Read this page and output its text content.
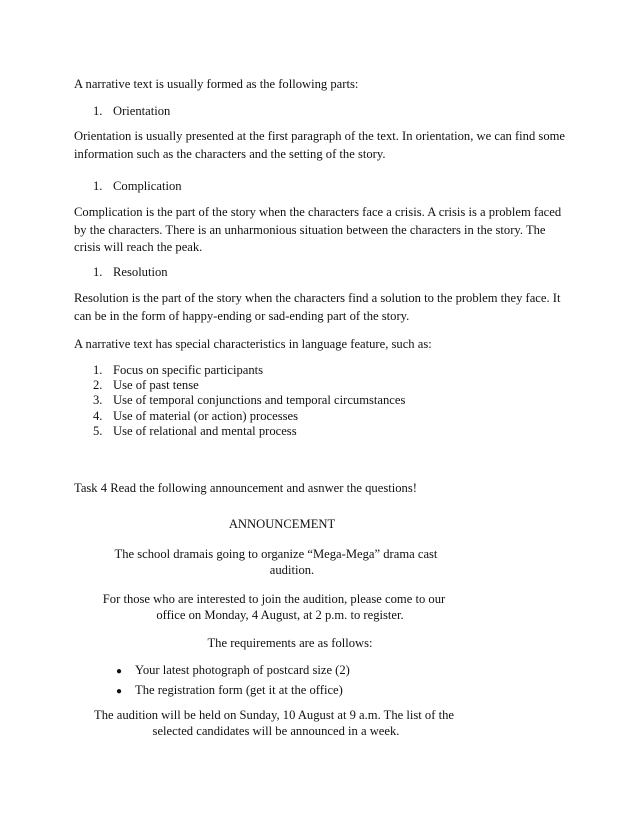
A narrative text is usually formed as the following parts:
1. Orientation
Orientation is usually presented at the first paragraph of the text. In orientation, we can find some
information such as the characters and the setting of the story.
1. Complication
Complication is the part of the story when the characters face a crisis. A crisis is a problem faced
by the characters. There is an unharmonious situation between the characters in the story. The
crisis will reach the peak.
1. Resolution
Resolution is the part of the story when the characters find a solution to the problem they face. It
can be in the form of happy-ending or sad-ending part of the story.
A narrative text has special characteristics in language feature, such as:
1. Focus on specific participants
2. Use of past tense
3. Use of temporal conjunctions and temporal circumstances
4. Use of material (or action) processes
5. Use of relational and mental process
Task 4 Read the following announcement and asnwer the questions!
ANNOUNCEMENT
The school dramais going to organize “Mega-Mega” drama cast
audition.
For those who are interested to join the audition, please come to our
office on Monday, 4 August, at 2 p.m. to register.
The requirements are as follows:
● Your latest photograph of postcard size (2)
● The registration form (get it at the office)
The audition will be held on Sunday, 10 August at 9 a.m. The list of the
selected candidates will be announced in a week.
